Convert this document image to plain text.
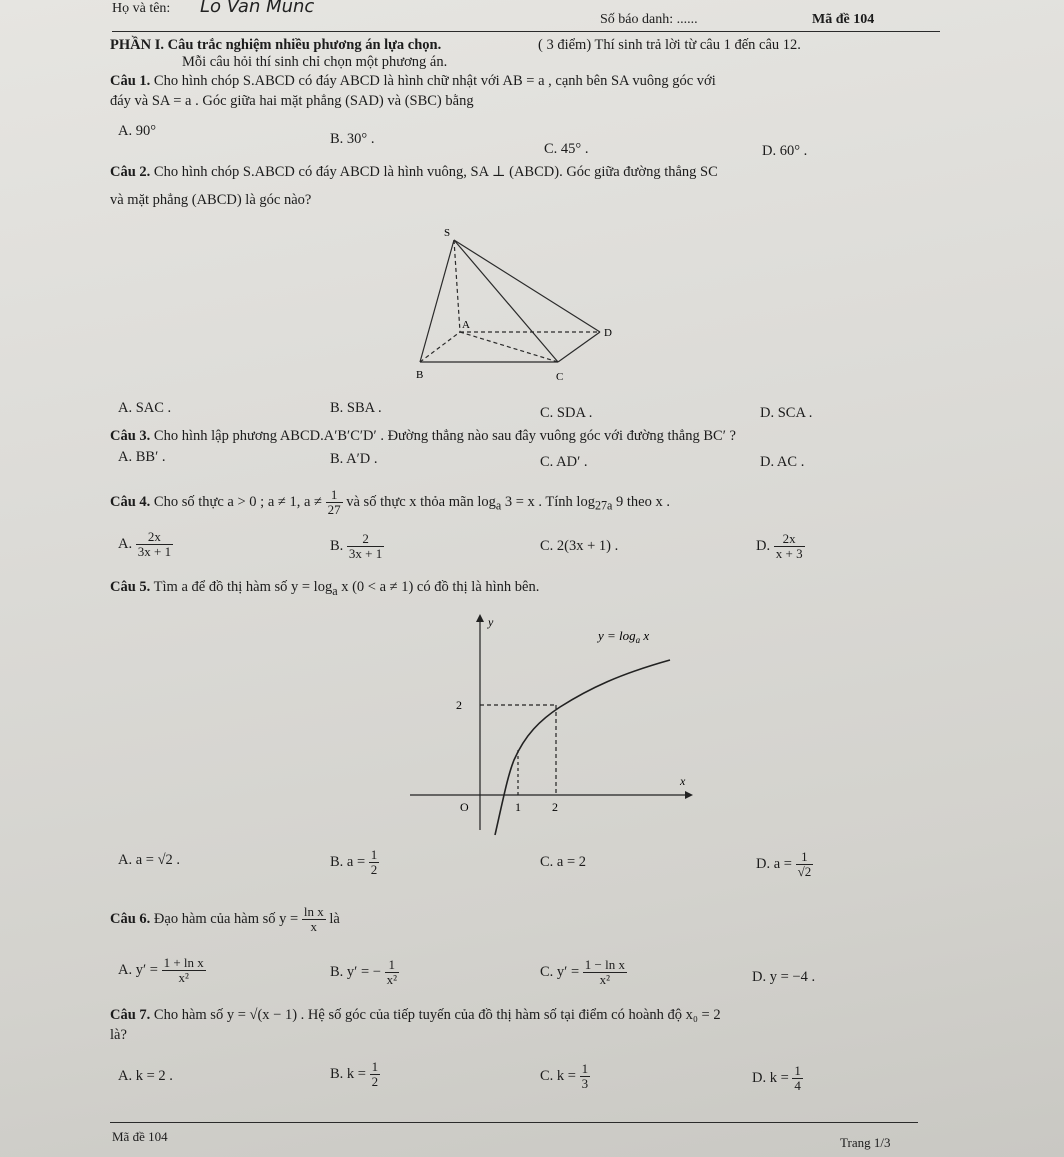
Họ và tên: Lo Van Munc
Số báo danh: ......	Mã đề 104
PHẦN I. Câu trắc nghiệm nhiều phương án lựa chọn.	( 3 điểm) Thí sinh trả lời từ câu 1 đến câu 12.
Mỗi câu hỏi thí sinh chỉ chọn một phương án.
Câu 1. Cho hình chóp S.ABCD có đáy ABCD là hình chữ nhật với AB = a , cạnh bên SA vuông góc với
đáy và SA = a . Góc giữa hai mặt phẳng (SAD) và (SBC) bằng
A. 90°	B. 30° .
C. 45° .	D. 60° .
Câu 2. Cho hình chóp S.ABCD có đáy ABCD là hình vuông, SA ⊥ (ABCD). Góc giữa đường thẳng SC
và mặt phẳng (ABCD) là góc nào?
S
A
B	C
D
A. SAC .	B. SBA .	C. SDA .	D. SCA .
Câu 3. Cho hình lập phương ABCD.A′B′C′D′ . Đường thẳng nào sau đây vuông góc với đường thẳng BC′ ?
A. BB′ .	B. A′D .	C. AD′ .	D. AC .
Câu 4. Cho số thực a > 0 ; a ≠ 1, $a \ne \frac{1}{27}$ và số thực x thỏa mãn $\log_a 3 = x$ . Tính $\log_{27a} 9$ theo x .
A. $\frac{2x}{3x + 1}$	B. $\frac{2}{3x + 1}$	C. 2(3x + 1) .	D. $\frac{2x}{x + 3}$
Câu 5. Tìm a để đồ thị hàm số $y = \log_a x$ (0 < a ≠ 1) có đồ thị là hình bên.
y
x
O
2
1	2
$y = \log_a x$
A. a = √2 .	B. $a = \frac{1}{2}$	C. a = 2	D. $a = \frac{1}{√2}$
Câu 6. Đạo hàm của hàm số $y = \frac{\text{ln x}}{x}$ là
A. $y' = \frac{\text{1 + ln x}}{\text{x²}}$	B. y′ = − $\frac{1}{\text{x²}}$	C. $y' = \frac{\text{1 − ln x}}{\text{x²}}$	D. y = −4 .
Câu 7. Cho hàm số y = √(x − 1) . Hệ số góc của tiếp tuyến của đồ thị hàm số tại điểm có hoành độ x₀ = 2
là?
A. k = 2 .	B. $k = \frac{1}{2}$	C. $k = \frac{1}{3}$	D. $k = \frac{1}{4}$
Mã đề 104	Trang 1/3
